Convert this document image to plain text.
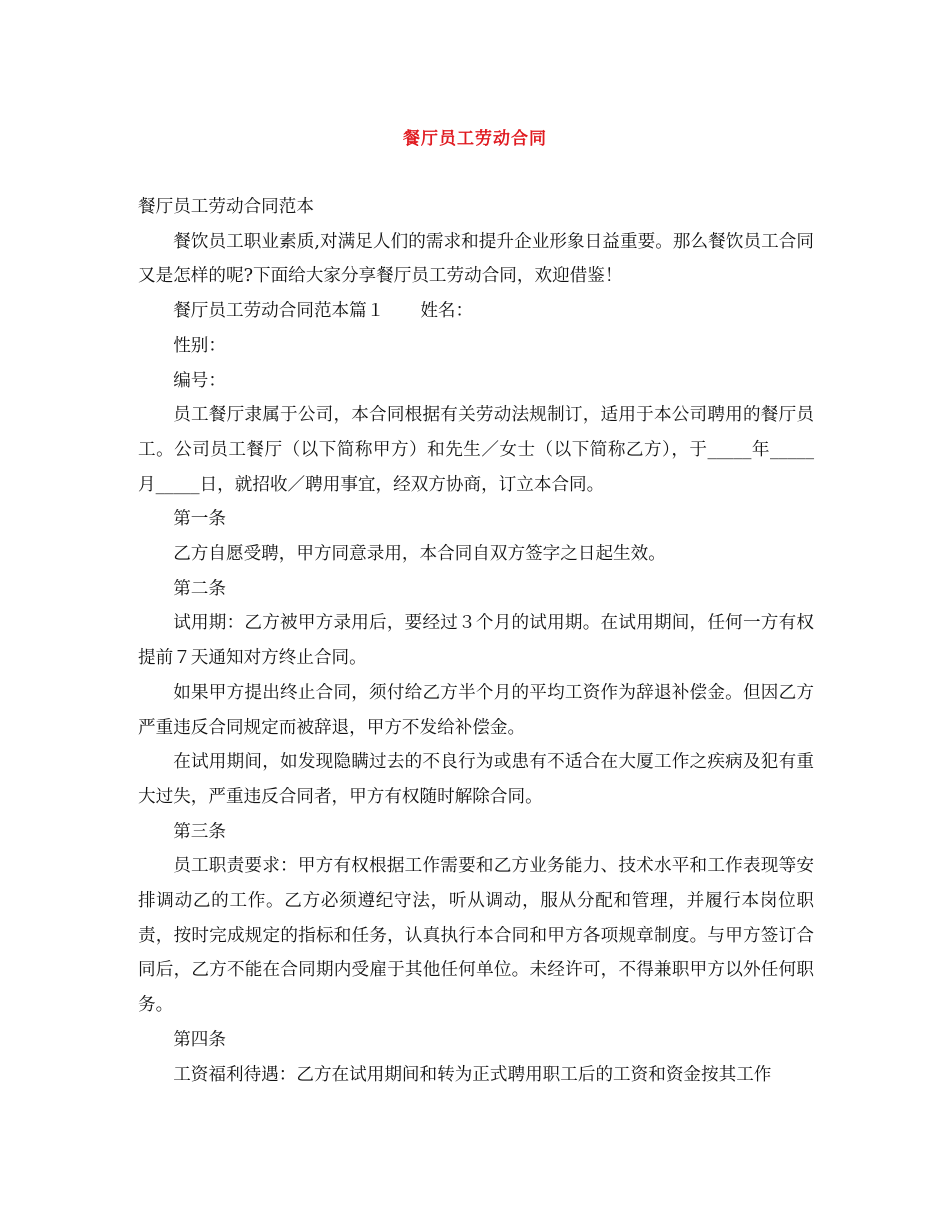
餐厅员工劳动合同

餐厅员工劳动合同范本

餐饮员工职业素质,对满足人们的需求和提升企业形象日益重要。那么餐饮员工合同又是怎样的呢?下面给大家分享餐厅员工劳动合同，欢迎借鉴！

餐厅员工劳动合同范本篇１ 姓名：

性别：

编号：

员工餐厅隶属于公司，本合同根据有关劳动法规制订，适用于本公司聘用的餐厅员工。公司员工餐厅（以下简称甲方）和先生／女士（以下简称乙方），于_____年_____月_____日，就招收／聘用事宜，经双方协商，订立本合同。

第一条

乙方自愿受聘，甲方同意录用，本合同自双方签字之日起生效。

第二条

试用期：乙方被甲方录用后，要经过３个月的试用期。在试用期间，任何一方有权提前７天通知对方终止合同。

如果甲方提出终止合同，须付给乙方半个月的平均工资作为辞退补偿金。但因乙方严重违反合同规定而被辞退，甲方不发给补偿金。

在试用期间，如发现隐瞒过去的不良行为或患有不适合在大厦工作之疾病及犯有重大过失，严重违反合同者，甲方有权随时解除合同。

第三条

员工职责要求：甲方有权根据工作需要和乙方业务能力、技术水平和工作表现等安排调动乙的工作。乙方必须遵纪守法，听从调动，服从分配和管理，并履行本岗位职责，按时完成规定的指标和任务，认真执行本合同和甲方各项规章制度。与甲方签订合同后，乙方不能在合同期内受雇于其他任何单位。未经许可，不得兼职甲方以外任何职务。

第四条

工资福利待遇：乙方在试用期间和转为正式聘用职工后的工资和资金按其工作
